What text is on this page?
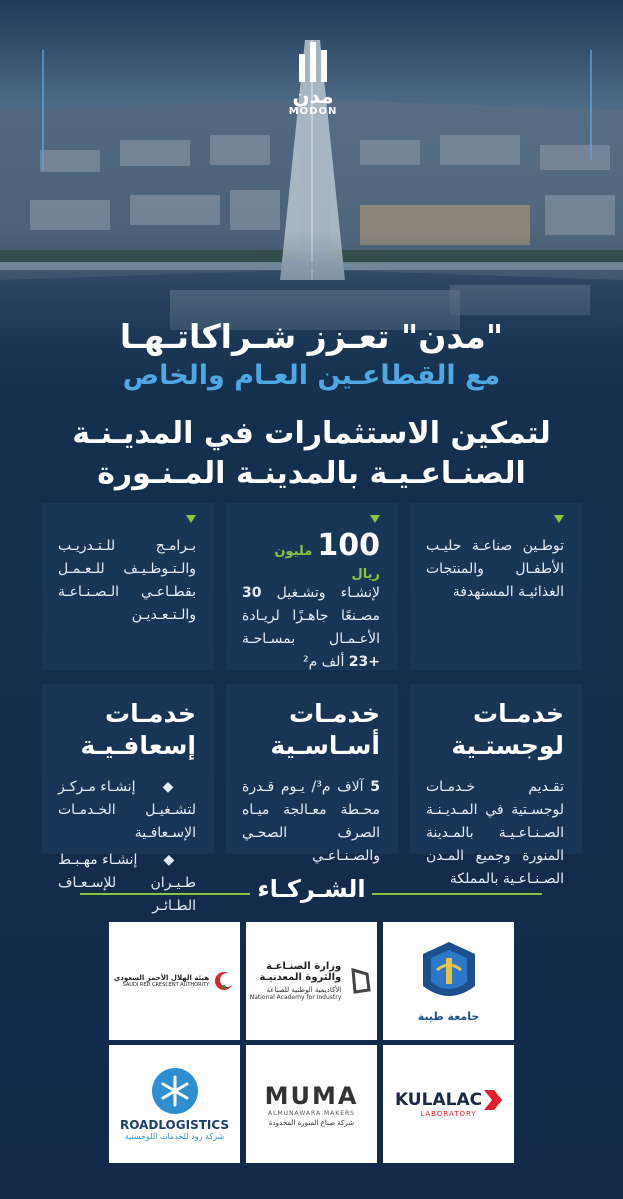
مدن
MODON
"مدن" تعـزز شـراكاتـهـا
مع القطاعـين العـام والخاص
لتمكين الاستثمارات في المديـنـة
الصنـاعـيـة بالمدينـة المـنـورة
توطـين صناعـة حليـب الأطفـال والمنتجات الغذائيـة المستهدفة
100 مليون ريال
لإنشـاء وتشـغيل 30 مصـنعًا جاهـزًا لريـادة الأعـمـال بمسـاحـة +23 ألف م²
بـرامـج للـتـدريـب والـتـوظـيـف للـعـمـل بقطـاعـي الـصـنـاعـة والـتـعـديـن
خدمـات
لوجستـية
تقـديم خـدمـات لوجسـتية في المـديـنـة الصـنـاعـيـة بالمـدينة المنورة وجميع المـدن الصـنـاعـية بالمملكة
خدمـات
أسـاسـية
5 آلاف م³/ يـوم قـدرة محـطة معـالجة ميـاه الصرف الصحـي والصـنـاعـي
خدمـات
إسعافـيـة
◆ إنشـاء مـركـز لتشـغيـل الخـدمـات الإسـعافـية
◆ إنشـاء مهـبـط طـيـران للإسـعـاف الطـائـر
الشـركـاء
جامعة طيبة
وزارة الصنـاعـة
والثروة المعدنيـة
الأكاديمية الوطنية للصناعة
National Academy for Industry
هيئة الهلال الأحمر السعودي
SAUDI RED CRESCENT AUTHORITY
KULALAC
LABORATORY
MUMA
ALMUNAWARA MAKERS
شركة صناع المنورة المحدودة
ROADLOGISTICS
شركة رود للخدمات اللوجستية
